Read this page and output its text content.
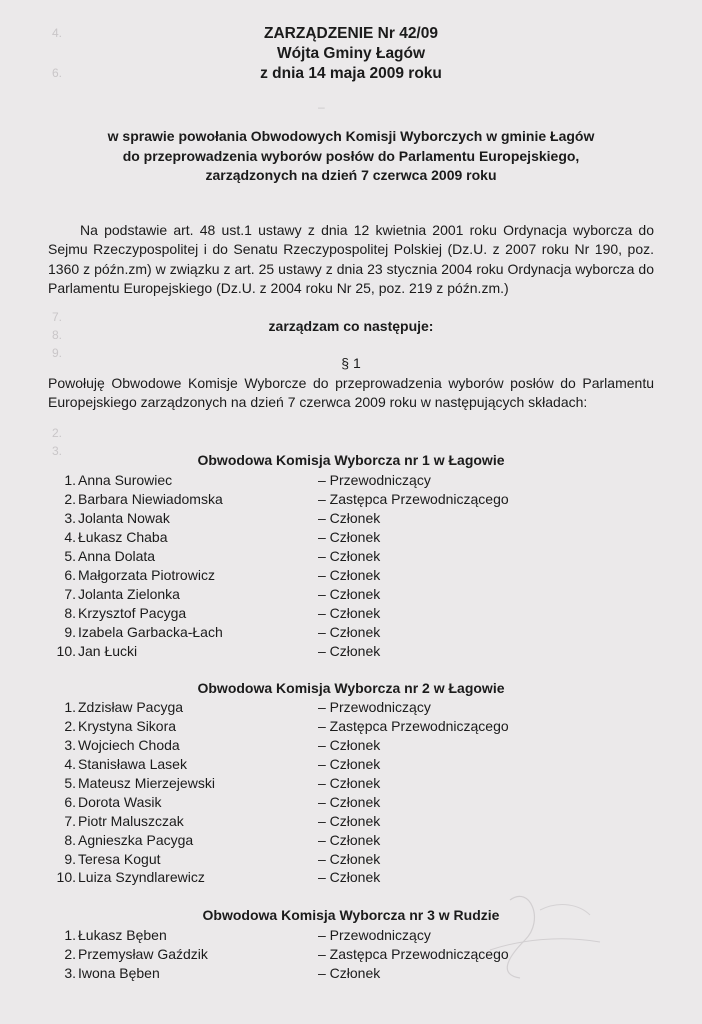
4.       
6.
–   

7.
8.
9.
2.
3.

ZARZĄDZENIE Nr 42/09
Wójta Gminy Łagów
z dnia 14 maja 2009 roku
w sprawie powołania Obwodowych Komisji Wyborczych w gminie Łagów
do przeprowadzenia wyborów posłów do Parlamentu Europejskiego,
zarządzonych na dzień 7 czerwca 2009 roku

Na podstawie art. 48 ust.1 ustawy z dnia 12 kwietnia 2001 roku Ordynacja wyborcza do Sejmu Rzeczypospolitej i do Senatu Rzeczypospolitej Polskiej (Dz.U. z 2007 roku Nr 190, poz. 1360 z późn.zm) w związku z art. 25 ustawy z dnia 23 stycznia 2004 roku Ordynacja wyborcza do Parlamentu Europejskiego (Dz.U. z 2004 roku Nr 25, poz. 219 z późn.zm.)

zarządzam co następuje:
§ 1

Powołuję Obwodowe Komisje Wyborcze do przeprowadzenia wyborów posłów do Parlamentu Europejskiego zarządzonych na dzień 7 czerwca 2009 roku w następujących składach:

Obwodowa Komisja Wyborcza nr 1 w Łagowie
1. Anna Surowiec	– Przewodniczący
2. Barbara Niewiadomska	– Zastępca Przewodniczącego
3. Jolanta Nowak	– Członek
4. Łukasz Chaba	– Członek
5. Anna Dolata	– Członek
6. Małgorzata Piotrowicz	– Członek
7. Jolanta Zielonka	– Członek
8. Krzysztof Pacyga	– Członek
9. Izabela Garbacka-Łach	– Członek
10. Jan Łucki	– Członek
Obwodowa Komisja Wyborcza nr 2 w Łagowie
1. Zdzisław Pacyga	– Przewodniczący
2. Krystyna Sikora	– Zastępca Przewodniczącego
3. Wojciech Choda	– Członek
4. Stanisława Lasek	– Członek
5. Mateusz Mierzejewski	– Członek
6. Dorota Wasik	– Członek
7. Piotr Maluszczak	– Członek
8. Agnieszka Pacyga	– Członek
9. Teresa Kogut	– Członek
10. Luiza Szyndlarewicz	– Członek
Obwodowa Komisja Wyborcza nr 3 w Rudzie
1. Łukasz Bęben	– Przewodniczący
2. Przemysław Gaździk	– Zastępca Przewodniczącego
3. Iwona Bęben	– Członek
